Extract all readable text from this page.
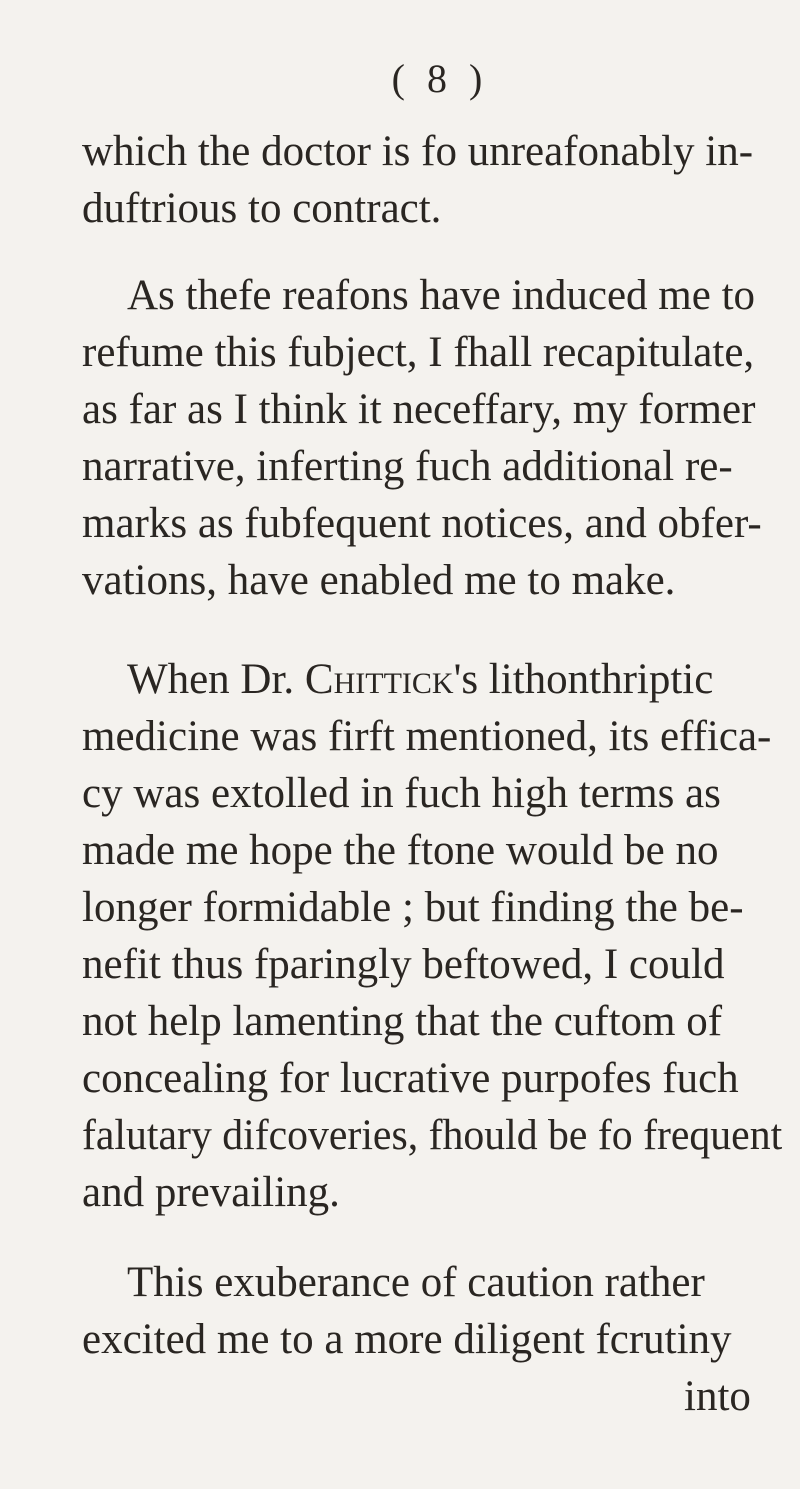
( 8 )
which the doctor is fo unreafonably in-
duftrious to contract.
As thefe reafons have induced me to
refume this fubject, I fhall recapitulate,
as far as I think it neceffary, my former
narrative, inferting fuch additional re-
marks as fubfequent notices, and obfer-
vations, have enabled me to make.
When Dr. Chittick's lithonthriptic
medicine was firft mentioned, its effica-
cy was extolled in fuch high terms as
made me hope the ftone would be no
longer formidable ; but finding the be-
nefit thus fparingly beftowed, I could
not help lamenting that the cuftom of
concealing for lucrative purpofes fuch
falutary difcoveries, fhould be fo frequent
and prevailing.
This exuberance of caution rather
excited me to a more diligent fcrutiny
into
